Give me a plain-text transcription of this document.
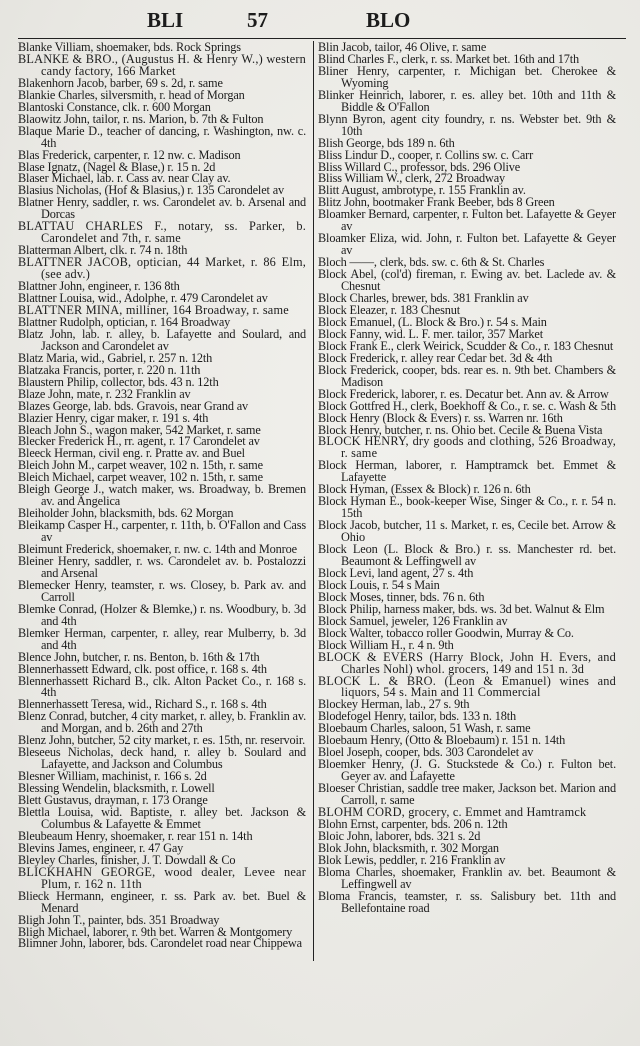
BLI	57	BLO

Blanke Villiam, shoemaker, bds. Rock Springs

BLANKE & BRO., (Augustus H. & Henry W.,) western candy factory, 166 Market

Blakenhorn Jacob, barber, 69 s. 2d, r. same

Blankie Charles, silversmith, r. head of Morgan

Blantoski Constance, clk. r. 600 Morgan

Blaowitz John, tailor, r. ns. Marion, b. 7th & Fulton

Blaque Marie D., teacher of dancing, r. Washington, nw. c. 4th

Blas Frederick, carpenter, r. 12 nw. c. Madison

Blase Ignatz, (Nagel & Blase,) r. 15 n. 2d

Blaser Michael, lab. r. Cass av. near Clay av.

Blasius Nicholas, (Hof & Blasius,) r. 135 Carondelet av

Blatner Henry, saddler, r. ws. Carondelet av. b. Arsenal and Dorcas

BLATTAU CHARLES F., notary, ss. Parker, b. Carondelet and 7th, r. same

Blatterman Albert, clk. r. 74 n. 18th

BLATTNER JACOB, optician, 44 Market, r. 86 Elm, (see adv.)

Blattner John, engineer, r. 136 8th

Blattner Louisa, wid., Adolphe, r. 479 Carondelet av

BLATTNER MINA, milliner, 164 Broadway, r. same

Blattner Rudolph, optician, r. 164 Broadway

Blatz John, lab. r. alley, b. Lafayette and Soulard, and Jackson and Carondelet av

Blatz Maria, wid., Gabriel, r. 257 n. 12th

Blatzaka Francis, porter, r. 220 n. 11th

Blaustern Philip, collector, bds. 43 n. 12th

Blaze John, mate, r. 232 Franklin av

Blazes George, lab. bds. Gravois, near Grand av

Blazier Henry, cigar maker, r. 191 s. 4th

Bleach John S., wagon maker, 542 Market, r. same

Blecker Frederick H., rr. agent, r. 17 Carondelet av

Bleeck Herman, civil eng. r. Pratte av. and Buel

Bleich John M., carpet weaver, 102 n. 15th, r. same

Bleich Michael, carpet weaver, 102 n. 15th, r. same

Bleigh George J., watch maker, ws. Broadway, b. Bremen av. and Angelica

Bleiholder John, blacksmith, bds. 62 Morgan

Bleikamp Casper H., carpenter, r. 11th, b. O'Fallon and Cass av

Bleimunt Frederick, shoemaker, r. nw. c. 14th and Monroe

Bleiner Henry, saddler, r. ws. Carondelet av. b. Postalozzi and Arsenal

Blemecker Henry, teamster, r. ws. Closey, b. Park av. and Carroll

Blemke Conrad, (Holzer & Blemke,) r. ns. Woodbury, b. 3d and 4th

Blemker Herman, carpenter, r. alley, rear Mulberry, b. 3d and 4th

Blence John, butcher, r. ns. Benton, b. 16th & 17th

Blennerhassett Edward, clk. post office, r. 168 s. 4th

Blennerhassett Richard B., clk. Alton Packet Co., r. 168 s. 4th

Blennerhassett Teresa, wid., Richard S., r. 168 s. 4th

Blenz Conrad, butcher, 4 city market, r. alley, b. Franklin av. and Morgan, and b. 26th and 27th

Blenz John, butcher, 52 city market, r. es. 15th, nr. reservoir.

Bleseeus Nicholas, deck hand, r. alley b. Soulard and Lafayette, and Jackson and Columbus

Blesner William, machinist, r. 166 s. 2d

Blessing Wendelin, blacksmith, r. Lowell

Blett Gustavus, drayman, r. 173 Orange

Blettla Louisa, wid. Baptiste, r. alley bet. Jackson & Columbus & Lafayette & Emmet

Bleubeaum Henry, shoemaker, r. rear 151 n. 14th

Blevins James, engineer, r. 47 Gay

Bleyley Charles, finisher, J. T. Dowdall & Co

BLICKHAHN GEORGE, wood dealer, Levee near Plum, r. 162 n. 11th

Blieck Hermann, engineer, r. ss. Park av. bet. Buel & Menard

Bligh John T., painter, bds. 351 Broadway

Bligh Michael, laborer, r. 9th bet. Warren & Montgomery

Blimner John, laborer, bds. Carondelet road near Chippewa

Blin Jacob, tailor, 46 Olive, r. same

Blind Charles F., clerk, r. ss. Market bet. 16th and 17th

Bliner Henry, carpenter, r. Michigan bet. Cherokee & Wyoming

Blinker Heinrich, laborer, r. es. alley bet. 10th and 11th & Biddle & O'Fallon

Blynn Byron, agent city foundry, r. ns. Webster bet. 9th & 10th

Blish George, bds 189 n. 6th

Bliss Lindur D., cooper, r. Collins sw. c. Carr

Bliss Willard C., professor, bds. 296 Olive

Bliss William W., clerk, 272 Broadway

Blitt August, ambrotype, r. 155 Franklin av.

Blitz John, bootmaker Frank Beeber, bds 8 Green

Bloamker Bernard, carpenter, r. Fulton bet. Lafayette & Geyer av

Bloamker Eliza, wid. John, r. Fulton bet. Lafayette & Geyer av

Bloch ——, clerk, bds. sw. c. 6th & St. Charles

Block Abel, (col'd) fireman, r. Ewing av. bet. Laclede av. & Chesnut

Block Charles, brewer, bds. 381 Franklin av

Block Eleazer, r. 183 Chesnut

Block Emanuel, (L. Block & Bro.) r. 54 s. Main

Block Fanny, wid. L. F. mer. tailor, 357 Market

Block Frank E., clerk Weirick, Scudder & Co., r. 183 Chesnut

Block Frederick, r. alley rear Cedar bet. 3d & 4th

Block Frederick, cooper, bds. rear es. n. 9th bet. Chambers & Madison

Block Frederick, laborer, r. es. Decatur bet. Ann av. & Arrow

Block Gottfred H., clerk, Boekhoff & Co., r. se. c. Wash & 5th

Block Henry (Block & Evers) r. ss. Warren nr. 16th

Block Henry, butcher, r. ns. Ohio bet. Cecile & Buena Vista

BLOCK HENRY, dry goods and clothing, 526 Broadway, r. same

Block Herman, laborer, r. Hamptramck bet. Emmet & Lafayette

Block Hyman, (Essex & Block) r. 126 n. 6th

Block Hyman E., book-keeper Wise, Singer & Co., r. r. 54 n. 15th

Block Jacob, butcher, 11 s. Market, r. es, Cecile bet. Arrow & Ohio

Block Leon (L. Block & Bro.) r. ss. Manchester rd. bet. Beaumont & Leffingwell av

Block Levi, land agent, 27 s. 4th

Block Louis, r. 54 s Main

Block Moses, tinner, bds. 76 n. 6th

Block Philip, harness maker, bds. ws. 3d bet. Walnut & Elm

Block Samuel, jeweler, 126 Franklin av

Block Walter, tobacco roller Goodwin, Murray & Co.

Block William H., r. 4 n. 9th

BLOCK & EVERS (Harry Block, John H. Evers, and Charles Nohl) whol. grocers, 149 and 151 n. 3d

BLOCK L. & BRO. (Leon & Emanuel) wines and liquors, 54 s. Main and 11 Commercial

Blockey Herman, lab., 27 s. 9th

Blodefogel Henry, tailor, bds. 133 n. 18th

Bloebaum Charles, saloon, 51 Wash, r. same

Bloebaum Henry, (Otto & Bloebaum) r. 151 n. 14th

Bloel Joseph, cooper, bds. 303 Carondelet av

Bloemker Henry, (J. G. Stuckstede & Co.) r. Fulton bet. Geyer av. and Lafayette

Bloeser Christian, saddle tree maker, Jackson bet. Marion and Carroll, r. same

BLOHM CORD, grocery, c. Emmet and Hamtramck

Blohn Ernst, carpenter, bds. 206 n. 12th

Bloic John, laborer, bds. 321 s. 2d

Blok John, blacksmith, r. 302 Morgan

Blok Lewis, peddler, r. 216 Franklin av

Bloma Charles, shoemaker, Franklin av. bet. Beaumont & Leffingwell av

Bloma Francis, teamster, r. ss. Salisbury bet. 11th and Bellefontaine road
